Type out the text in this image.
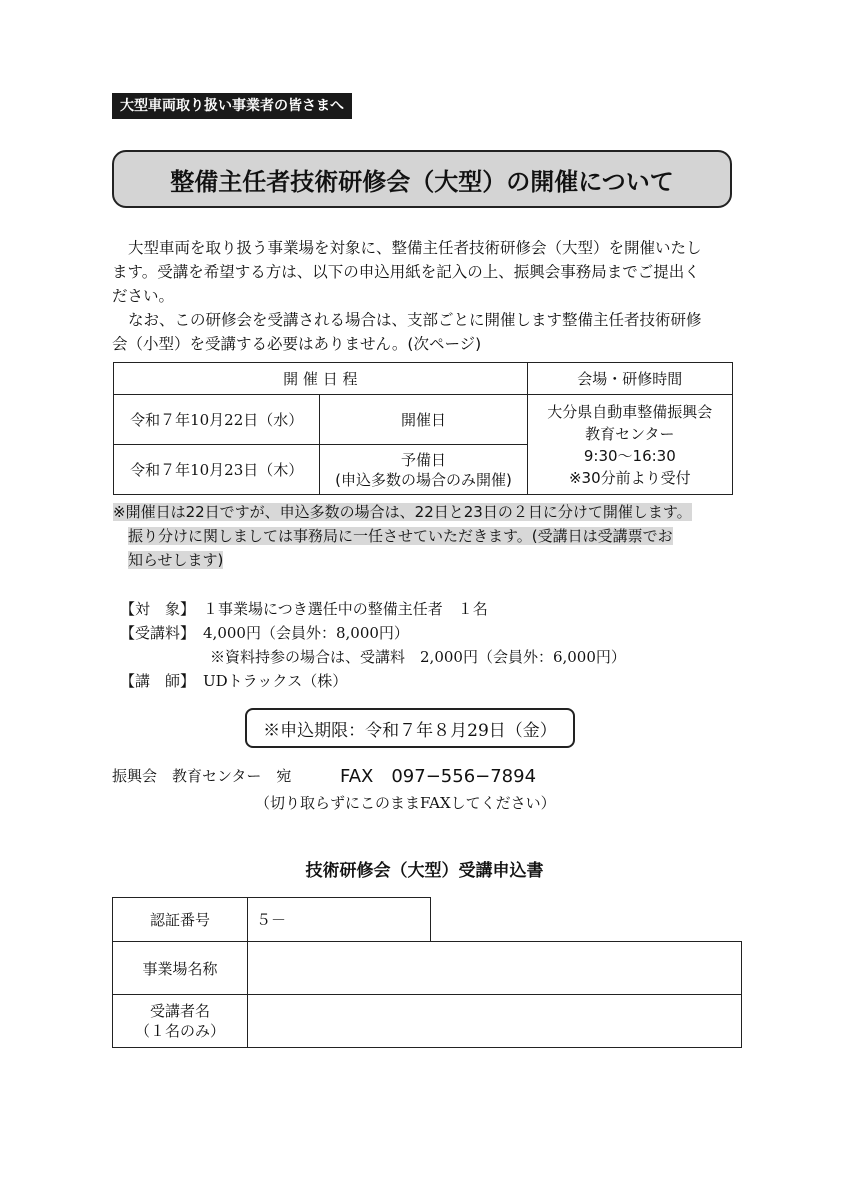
大型車両取り扱い事業者の皆さまへ
整備主任者技術研修会（大型）の開催について
大型車両を取り扱う事業場を対象に、整備主任者技術研修会（大型）を開催いたし
ます。受講を希望する方は、以下の申込用紙を記入の上、振興会事務局までご提出く
ださい。
なお、この研修会を受講される場合は、支部ごとに開催します整備主任者技術研修
会（小型）を受講する必要はありません。(次ページ)
開 催 日 程		会場・研修時間
令和７年10月22日（水）	開催日	大分県自動車整備振興会
教育センター
9:30～16:30
※30分前より受付

令和７年10月23日（木）	予備日
(申込多数の場合のみ開催)	
※開催日は22日ですが、申込多数の場合は、22日と23日の２日に分けて開催します。
振り分けに関しましては事務局に一任させていただきます。(受講日は受講票でお
知らせします)
【対　象】 １事業場につき選任中の整備主任者　１名
【受講料】 4,000円（会員外：8,000円）
※資料持参の場合は、受講料　2,000円（会員外：6,000円）
【講　師】 UDトラックス（株）
※申込期限：令和７年８月29日（金）
振興会　教育センター　宛	FAX　097−556−7894
（切り取らずにこのままFAXしてください）
技術研修会（大型）受講申込書
認証番号	５－	
事業場名称		

受講者名
（１名のみ）		
